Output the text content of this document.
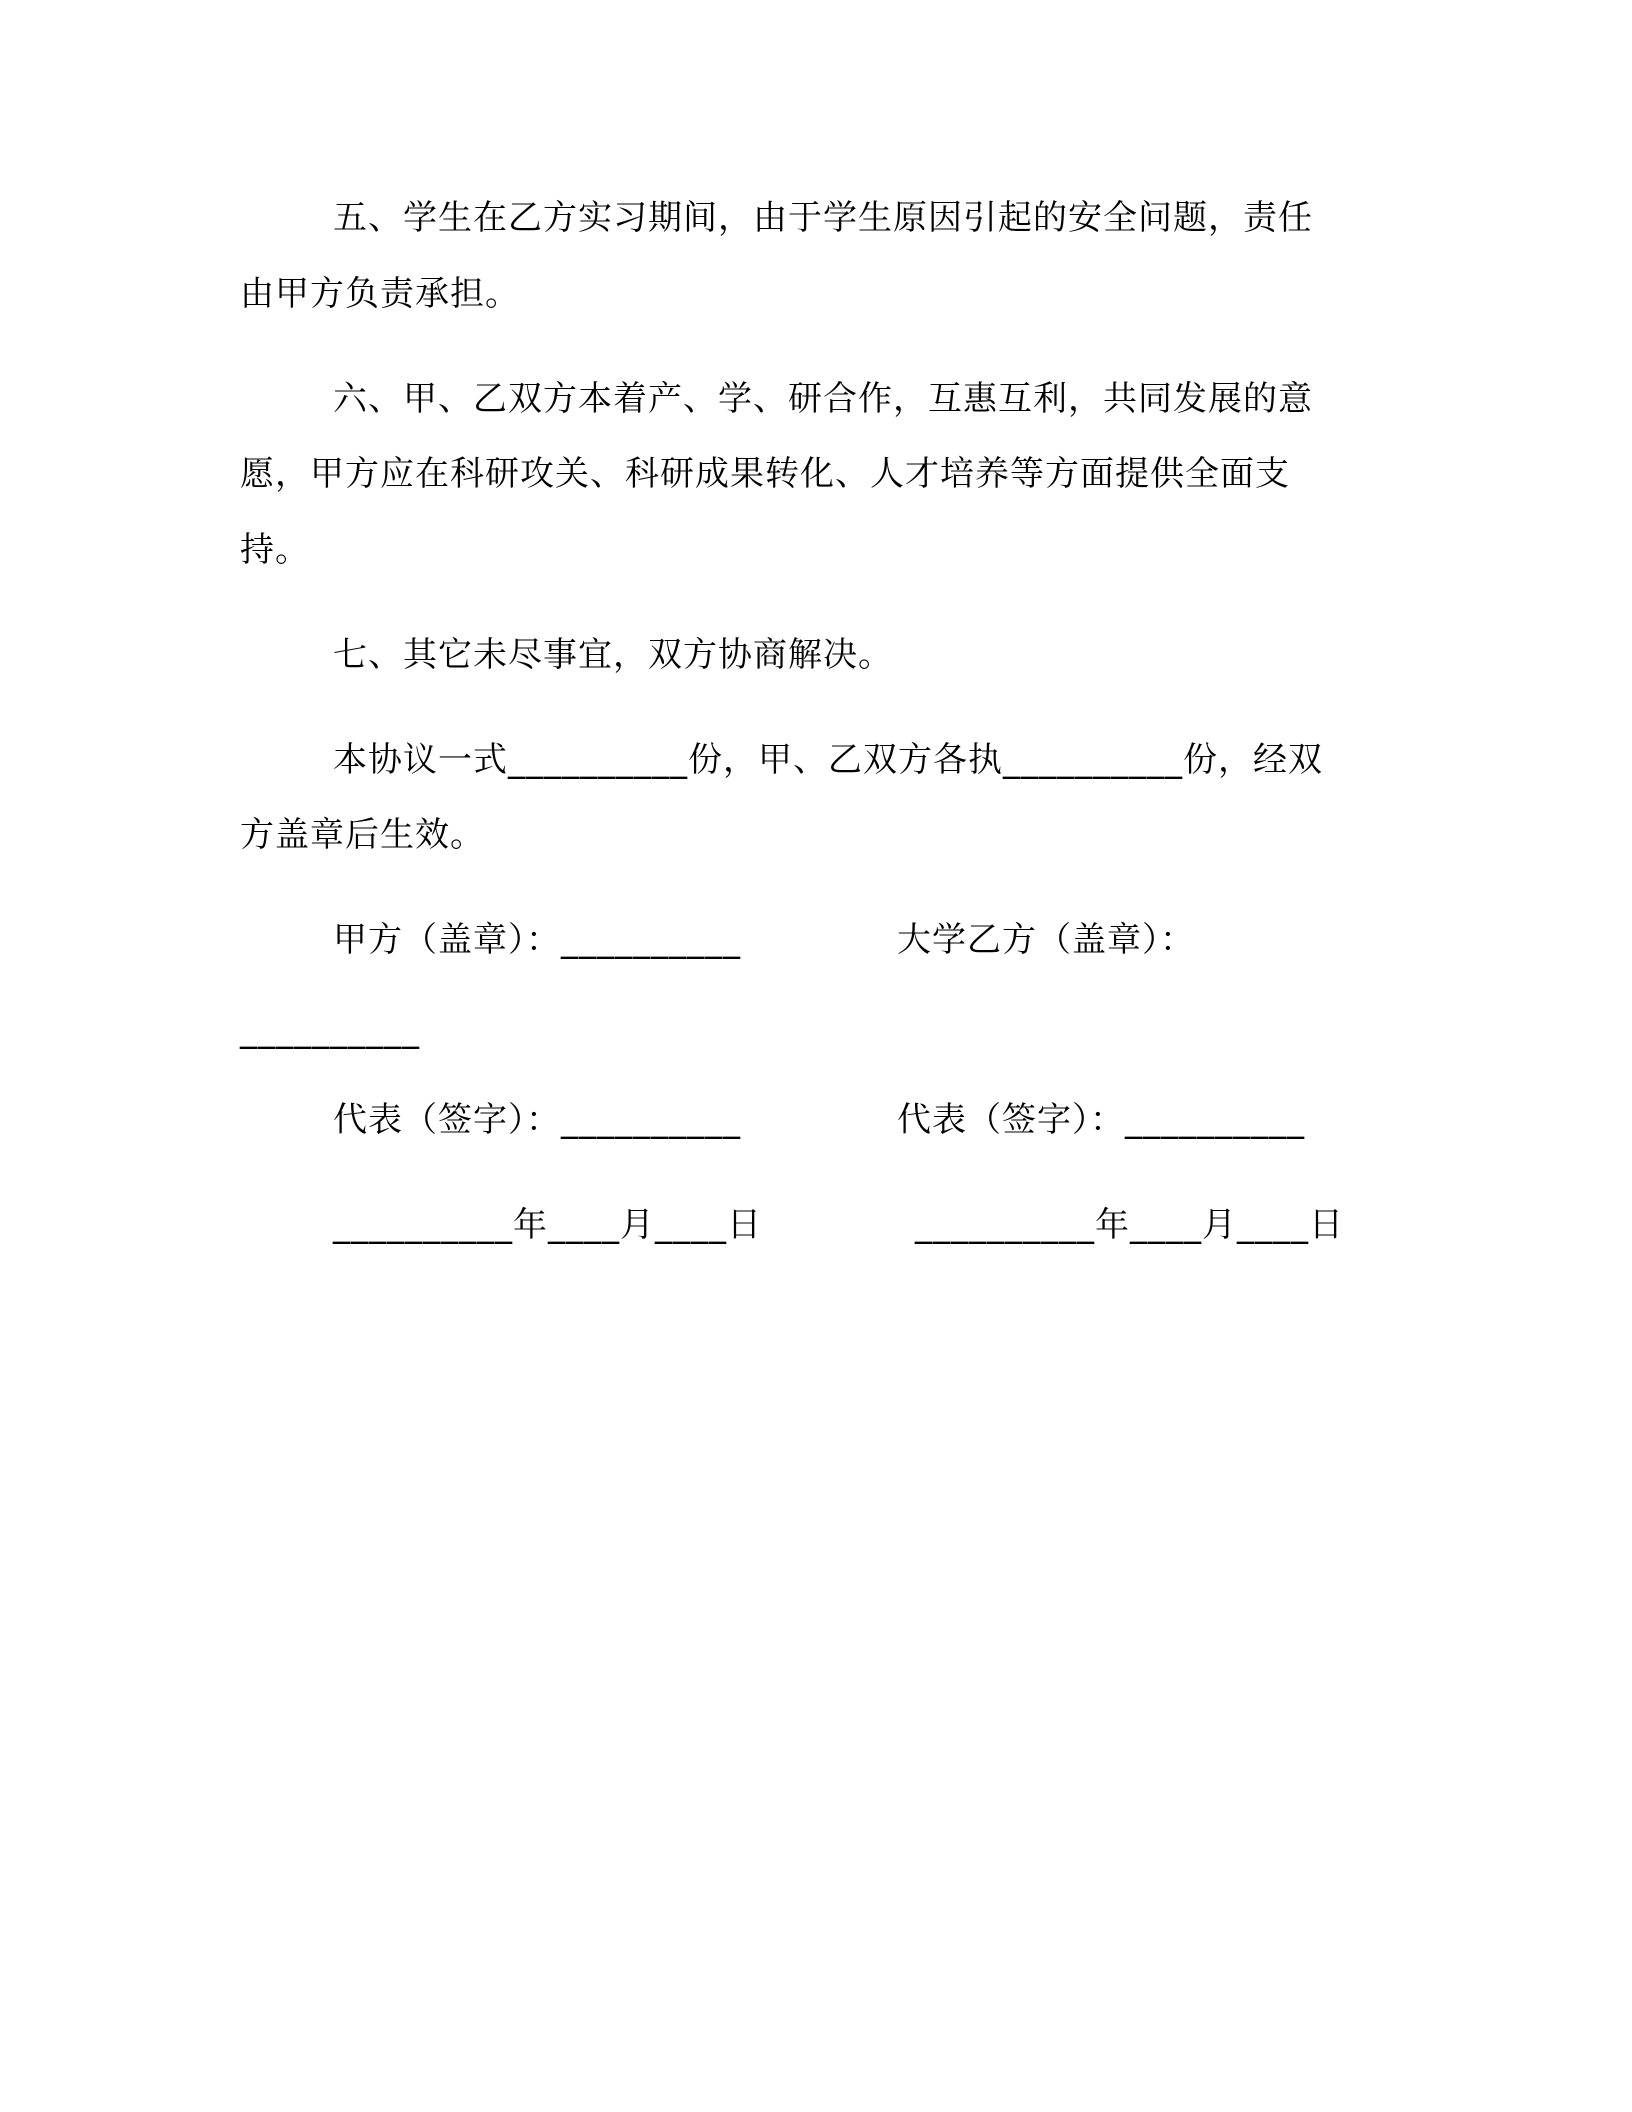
五、学生在乙方实习期间，由于学生原因引起的安全问题，责任
由甲方负责承担。
六、甲、乙双方本着产、学、研合作，互惠互利，共同发展的意
愿，甲方应在科研攻关、科研成果转化、人才培养等方面提供全面支
持。
七、其它未尽事宜，双方协商解决。
本协议一式__________份，甲、乙双方各执__________份，经双
方盖章后生效。
甲方（盖章）：__________	大学乙方（盖章）：
__________
代表（签字）：__________	代表（签字）：__________
__________年____月____日	__________年____月____日
